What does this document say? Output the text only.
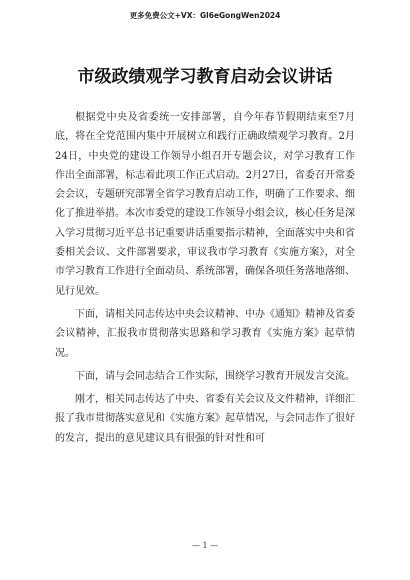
更多免费公文+VX：Gl6eGongWen2024
市级政绩观学习教育启动会议讲话

根据党中央及省委统一安排部署，自今年春节假期结束至7月底，将在全党范围内集中开展树立和践行正确政绩观学习教育。2月24日，中央党的建设工作领导小组召开专题会议，对学习教育工作作出全面部署，标志着此项工作正式启动。2月27日，省委召开常委会会议，专题研究部署全省学习教育启动工作，明确了工作要求、细化了推进举措。本次市委党的建设工作领导小组会议，核心任务是深入学习贯彻习近平总书记重要讲话重要指示精神，全面落实中央和省委相关会议、文件部署要求，审议我市学习教育《实施方案》，对全市学习教育工作进行全面动员、系统部署，确保各项任务落地落细、见行见效。

下面，请相关同志传达中央会议精神、中办《通知》精神及省委会议精神，汇报我市贯彻落实思路和学习教育《实施方案》起草情况。

下面，请与会同志结合工作实际，围绕学习教育开展发言交流。

刚才，相关同志传达了中央、省委有关会议及文件精神，详细汇报了我市贯彻落实意见和《实施方案》起草情况，与会同志作了很好的发言，提出的意见建议具有很强的针对性和可

— 1 —
